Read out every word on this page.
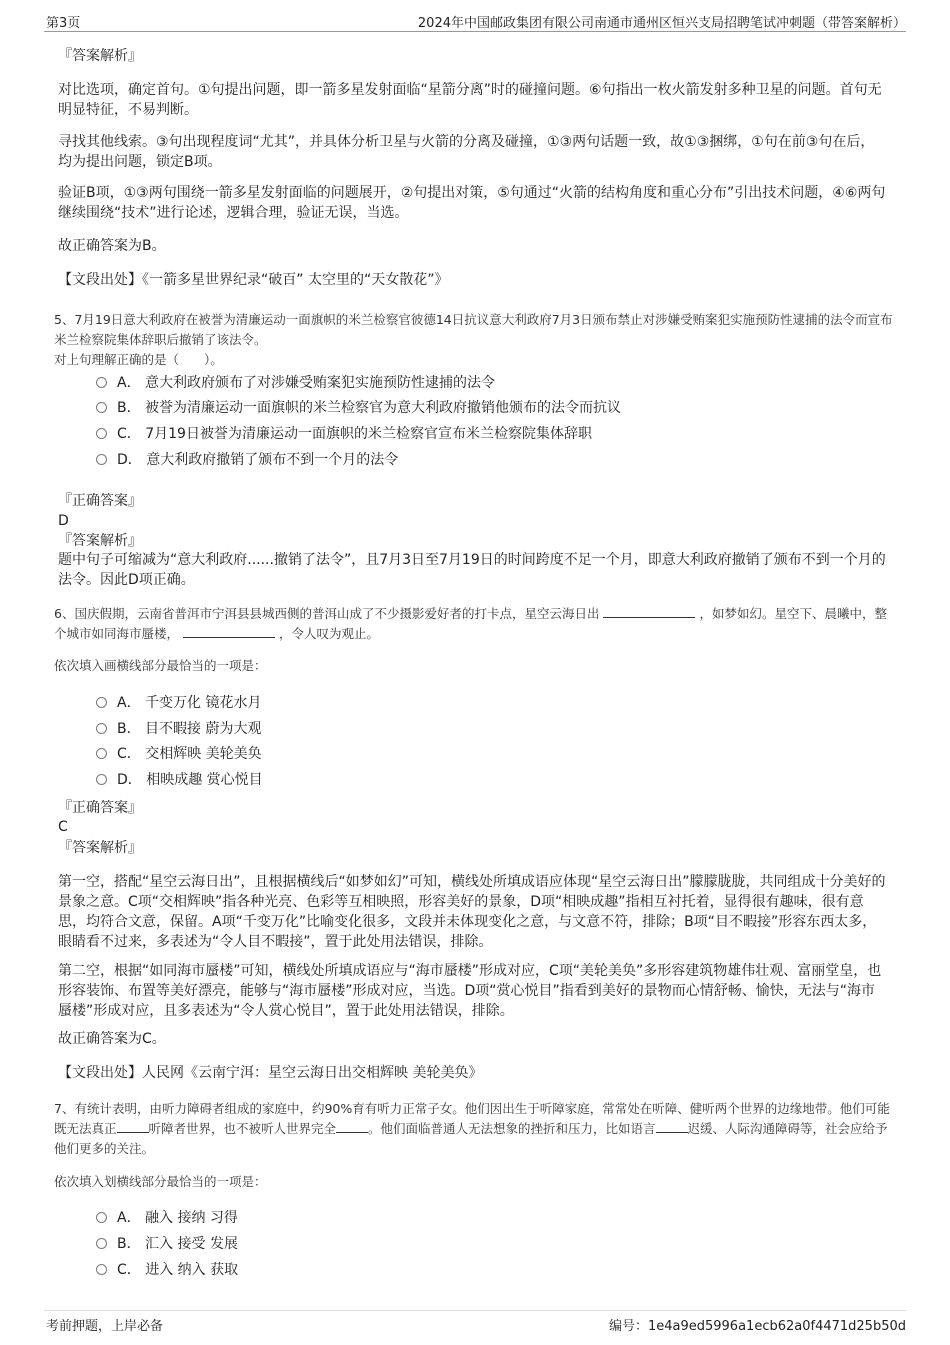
第3页	2024年中国邮政集团有限公司南通市通州区恒兴支局招聘笔试冲刺题（带答案解析）
『答案解析』
对比选项，确定首句。①句提出问题，即一箭多星发射面临“星箭分离”时的碰撞问题。⑥句指出一枚火箭发射多种卫星的问题。首句无明显特征，不易判断。
寻找其他线索。③句出现程度词“尤其”，并具体分析卫星与火箭的分离及碰撞，①③两句话题一致，故①③捆绑，①句在前③句在后，均为提出问题，锁定B项。
验证B项，①③两句围绕一箭多星发射面临的问题展开，②句提出对策，⑤句通过“火箭的结构角度和重心分布”引出技术问题，④⑥两句继续围绕“技术”进行论述，逻辑合理，验证无误，当选。
故正确答案为B。
【文段出处】《一箭多星世界纪录“破百” 太空里的“天女散花”》
5、7月19日意大利政府在被誉为清廉运动一面旗帜的米兰检察官彼德14日抗议意大利政府7月3日颁布禁止对涉嫌受贿案犯实施预防性逮捕的法令而宣布米兰检察院集体辞职后撤销了该法令。
对上句理解正确的是（　　）。
A． 意大利政府颁布了对涉嫌受贿案犯实施预防性逮捕的法令
B． 被誉为清廉运动一面旗帜的米兰检察官为意大利政府撤销他颁布的法令而抗议
C． 7月19日被誉为清廉运动一面旗帜的米兰检察官宣布米兰检察院集体辞职
D． 意大利政府撤销了颁布不到一个月的法令
『正确答案』
D
『答案解析』
题中句子可缩减为“意大利政府......撤销了法令”，且7月3日至7月19日的时间跨度不足一个月，即意大利政府撤销了颁布不到一个月的法令。因此D项正确。
6、国庆假期，云南省普洱市宁洱县县城西侧的普洱山成了不少摄影爱好者的打卡点，星空云海日出	，如梦如幻。星空下、晨曦中，整个城市如同海市蜃楼，	，令人叹为观止。
依次填入画横线部分最恰当的一项是：
A． 千变万化 镜花水月
B． 目不暇接 蔚为大观
C． 交相辉映 美轮美奂
D． 相映成趣 赏心悦目
『正确答案』
C
『答案解析』
第一空，搭配“星空云海日出”，且根据横线后“如梦如幻”可知，横线处所填成语应体现“星空云海日出”朦朦胧胧，共同组成十分美好的景象之意。C项“交相辉映”指各种光亮、色彩等互相映照，形容美好的景象，D项“相映成趣”指相互衬托着，显得很有趣味，很有意思，均符合文意，保留。A项“千变万化”比喻变化很多，文段并未体现变化之意，与文意不符，排除；B项“目不暇接”形容东西太多，眼睛看不过来，多表述为“令人目不暇接”，置于此处用法错误，排除。
第二空，根据“如同海市蜃楼”可知，横线处所填成语应与“海市蜃楼”形成对应，C项“美轮美奂”多形容建筑物雄伟壮观、富丽堂皇，也形容装饰、布置等美好漂亮，能够与“海市蜃楼”形成对应，当选。D项“赏心悦目”指看到美好的景物而心情舒畅、愉快，无法与“海市蜃楼”形成对应，且多表述为“令人赏心悦目”，置于此处用法错误，排除。
故正确答案为C。
【文段出处】人民网《云南宁洱：星空云海日出交相辉映 美轮美奂》
7、有统计表明，由听力障碍者组成的家庭中，约90%育有听力正常子女。他们因出生于听障家庭，常常处在听障、健听两个世界的边缘地带。他们可能既无法真正	听障者世界，也不被听人世界完全	。他们面临普通人无法想象的挫折和压力，比如语言	迟缓、人际沟通障碍等，社会应给予他们更多的关注。
依次填入划横线部分最恰当的一项是：
A． 融入 接纳 习得
B． 汇入 接受 发展
C． 进入 纳入 获取
考前押题，上岸必备	编号：1e4a9ed5996a1ecb62a0f4471d25b50d
